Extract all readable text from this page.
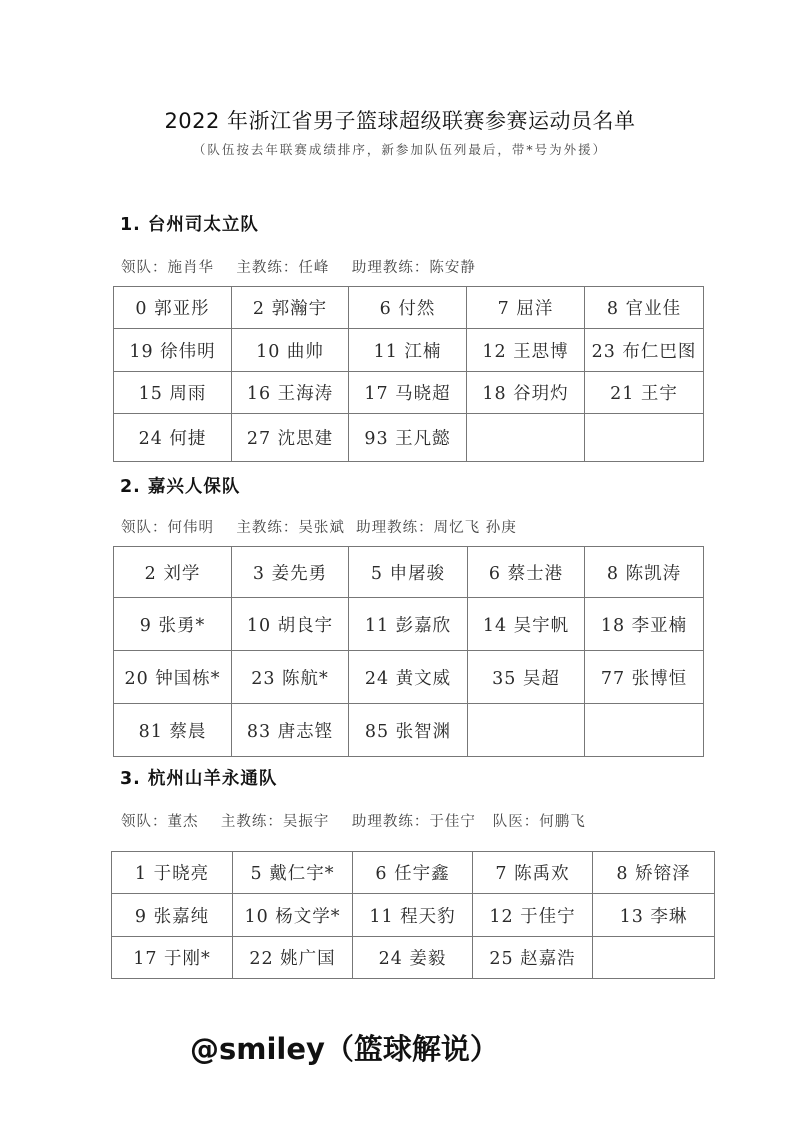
2022 年浙江省男子篮球超级联赛参赛运动员名单
（队伍按去年联赛成绩排序，新参加队伍列最后，带*号为外援）
1. 台州司太立队
领队：施肖华    主教练：任峰    助理教练：陈安静
0 郭亚彤	2 郭瀚宇	6 付然	7 屈洋	8 官业佳
19 徐伟明	10 曲帅	11 江楠	12 王思博	23 布仁巴图
15 周雨	16 王海涛	17 马晓超	18 谷玥灼	21 王宇
24 何捷	27 沈思建	93 王凡懿		
2. 嘉兴人保队
领队：何伟明    主教练：吴张斌  助理教练：周忆飞 孙庚
2 刘学	3 姜先勇	5 申屠骏	6 蔡士港	8 陈凯涛
9 张勇*	10 胡良宇	11 彭嘉欣	14 吴宇帆	18 李亚楠
20 钟国栋*	23 陈航*	24 黄文威	35 吴超	77 张博恒
81 蔡晨	83 唐志铿	85 张智渊		
3. 杭州山羊永通队
领队：董杰    主教练：吴振宇    助理教练：于佳宁   队医：何鹏飞
1 于晓亮	5 戴仁宇*	6 任宇鑫	7 陈禹欢	8 矫镕泽
9 张嘉纯	10 杨文学*	11 程天豹	12 于佳宁	13 李琳
17 于刚*	22 姚广国	24 姜毅	25 赵嘉浩	
@smiley（篮球解说）
